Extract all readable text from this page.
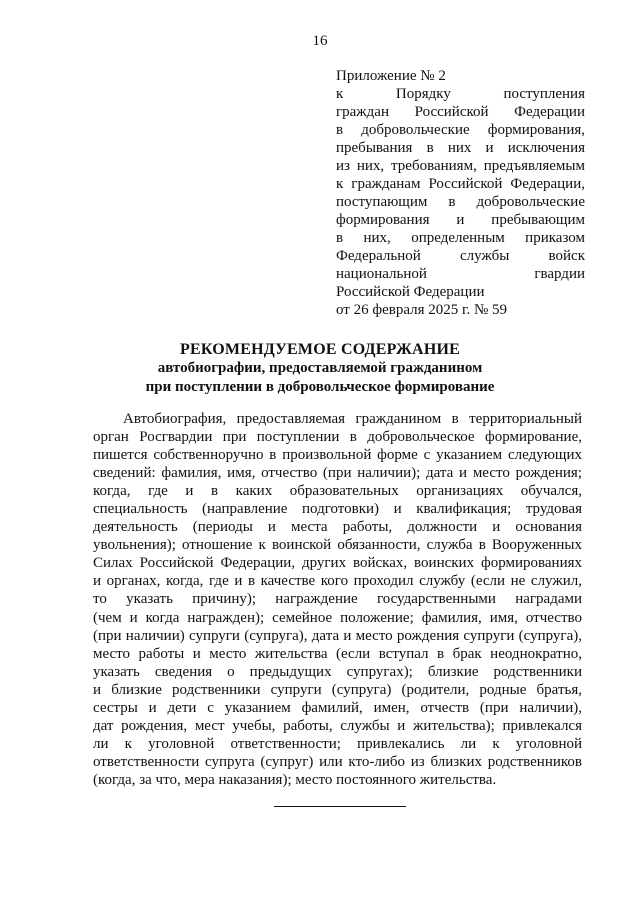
16
Приложение № 2
к Порядку поступления
граждан Российской Федерации
в добровольческие формирования,
пребывания в них и исключения
из них, требованиям, предъявляемым
к гражданам Российской Федерации,
поступающим в добровольческие
формирования и пребывающим
в них, определенным приказом
Федеральной службы войск
национальной гвардии
Российской Федерации
от 26 февраля 2025 г. № 59
РЕКОМЕНДУЕМОЕ СОДЕРЖАНИЕ
автобиографии, предоставляемой гражданином
при поступлении в добровольческое формирование
Автобиография, предоставляемая гражданином в территориальный
орган Росгвардии при поступлении в добровольческое формирование,
пишется собственноручно в произвольной форме с указанием следующих
сведений: фамилия, имя, отчество (при наличии); дата и место рождения;
когда, где и в каких образовательных организациях обучался,
специальность (направление подготовки) и квалификация; трудовая
деятельность (периоды и места работы, должности и основания
увольнения); отношение к воинской обязанности, служба в Вооруженных
Силах Российской Федерации, других войсках, воинских формированиях
и органах, когда, где и в качестве кого проходил службу (если не служил,
то указать причину); награждение государственными наградами
(чем и когда награжден); семейное положение; фамилия, имя, отчество
(при наличии) супруги (супруга), дата и место рождения супруги (супруга),
место работы и место жительства (если вступал в брак неоднократно,
указать сведения о предыдущих супругах); близкие родственники
и близкие родственники супруги (супруга) (родители, родные братья,
сестры и дети с указанием фамилий, имен, отчеств (при наличии),
дат рождения, мест учебы, работы, службы и жительства); привлекался
ли к уголовной ответственности; привлекались ли к уголовной
ответственности супруга (супруг) или кто-либо из близких родственников
(когда, за что, мера наказания); место постоянного жительства.
